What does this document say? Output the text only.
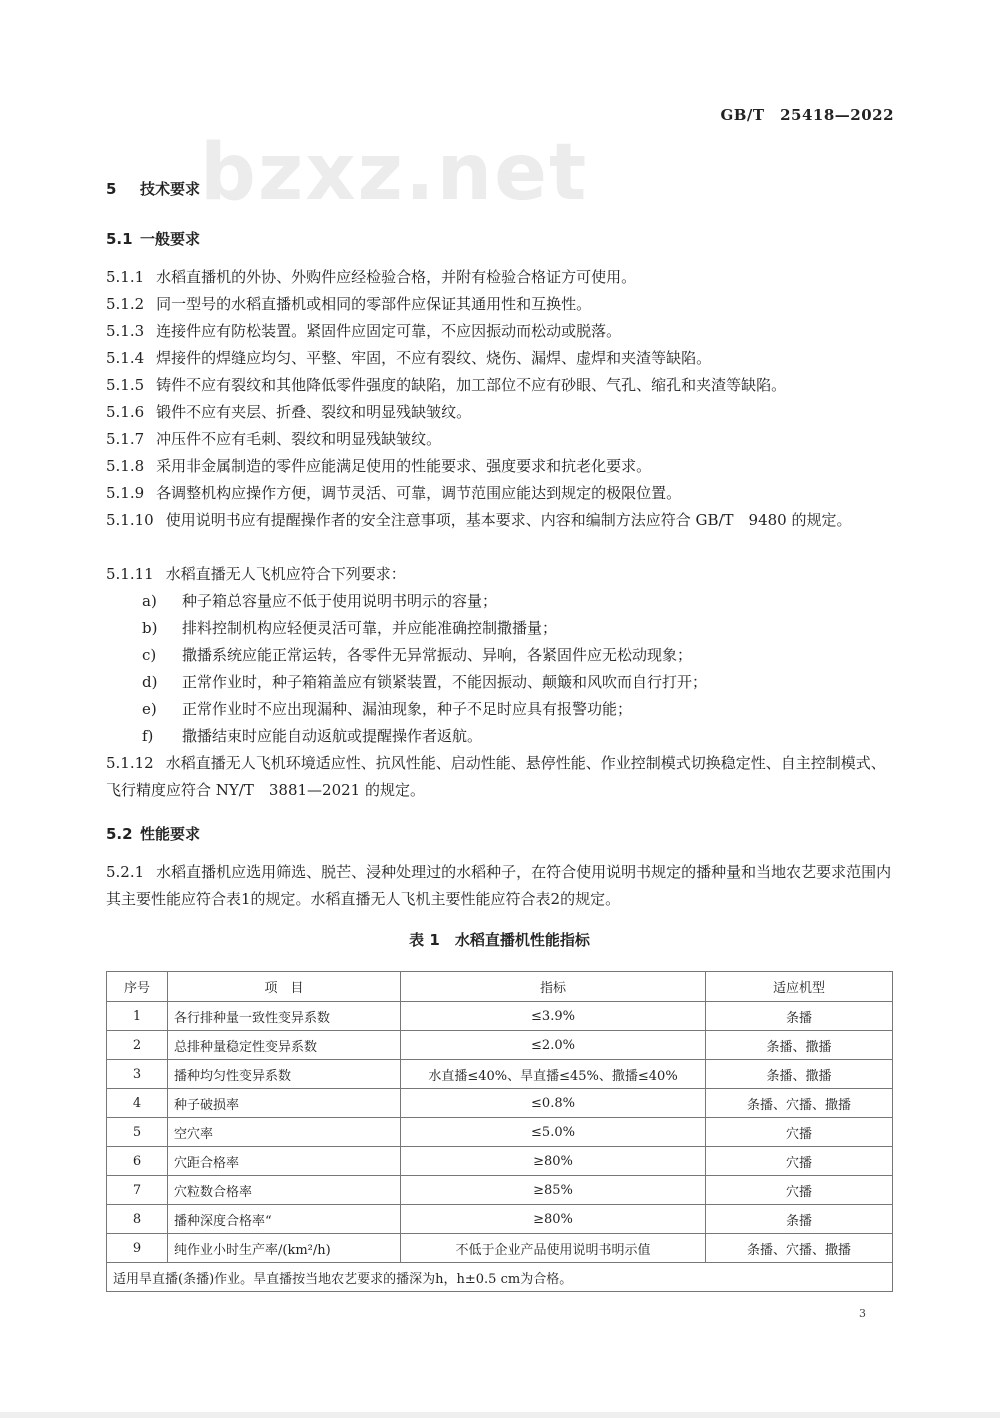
GB/T　25418—2022
bzxz.net
5 技术要求
5.1 一般要求
5.1.1 水稻直播机的外协、外购件应经检验合格，并附有检验合格证方可使用。
5.1.2 同一型号的水稻直播机或相同的零部件应保证其通用性和互换性。
5.1.3 连接件应有防松装置。紧固件应固定可靠，不应因振动而松动或脱落。
5.1.4 焊接件的焊缝应均匀、平整、牢固，不应有裂纹、烧伤、漏焊、虚焊和夹渣等缺陷。
5.1.5 铸件不应有裂纹和其他降低零件强度的缺陷，加工部位不应有砂眼、气孔、缩孔和夹渣等缺陷。
5.1.6 锻件不应有夹层、折叠、裂纹和明显残缺皱纹。
5.1.7 冲压件不应有毛刺、裂纹和明显残缺皱纹。
5.1.8 采用非金属制造的零件应能满足使用的性能要求、强度要求和抗老化要求。
5.1.9 各调整机构应操作方便，调节灵活、可靠，调节范围应能达到规定的极限位置。
5.1.10 使用说明书应有提醒操作者的安全注意事项，基本要求、内容和编制方法应符合 GB/T　9480 的规定。
5.1.11 水稻直播无人飞机应符合下列要求：
a) 种子箱总容量应不低于使用说明书明示的容量；
b) 排料控制机构应轻便灵活可靠，并应能准确控制撒播量；
c) 撒播系统应能正常运转，各零件无异常振动、异响，各紧固件应无松动现象；
d) 正常作业时，种子箱箱盖应有锁紧装置，不能因振动、颠簸和风吹而自行打开；
e) 正常作业时不应出现漏种、漏油现象，种子不足时应具有报警功能；
f) 撒播结束时应能自动返航或提醒操作者返航。
5.1.12 水稻直播无人飞机环境适应性、抗风性能、启动性能、悬停性能、作业控制模式切换稳定性、自主控制模式、飞行精度应符合 NY/T　3881—2021 的规定。
5.2 性能要求
5.2.1 水稻直播机应选用筛选、脱芒、浸种处理过的水稻种子，在符合使用说明书规定的播种量和当地农艺要求范围内其主要性能应符合表1的规定。水稻直播无人飞机主要性能应符合表2的规定。
表 1　水稻直播机性能指标
序号	项　目	指标	适应机型
1	各行排种量一致性变异系数	≤3.9%	条播
2	总排种量稳定性变异系数	≤2.0%	条播、撒播
3	播种均匀性变异系数	水直播≤40%、旱直播≤45%、撒播≤40%	条播、撒播
4	种子破损率	≤0.8%	条播、穴播、撒播
5	空穴率	≤5.0%	穴播
6	穴距合格率	≥80%	穴播
7	穴粒数合格率	≥85%	穴播
8	播种深度合格率“	≥80%	条播
9	纯作业小时生产率/(km²/h)	不低于企业产品使用说明书明示值	条播、穴播、撒播
适用旱直播(条播)作业。旱直播按当地农艺要求的播深为h，h±0.5 cm为合格。			
3
